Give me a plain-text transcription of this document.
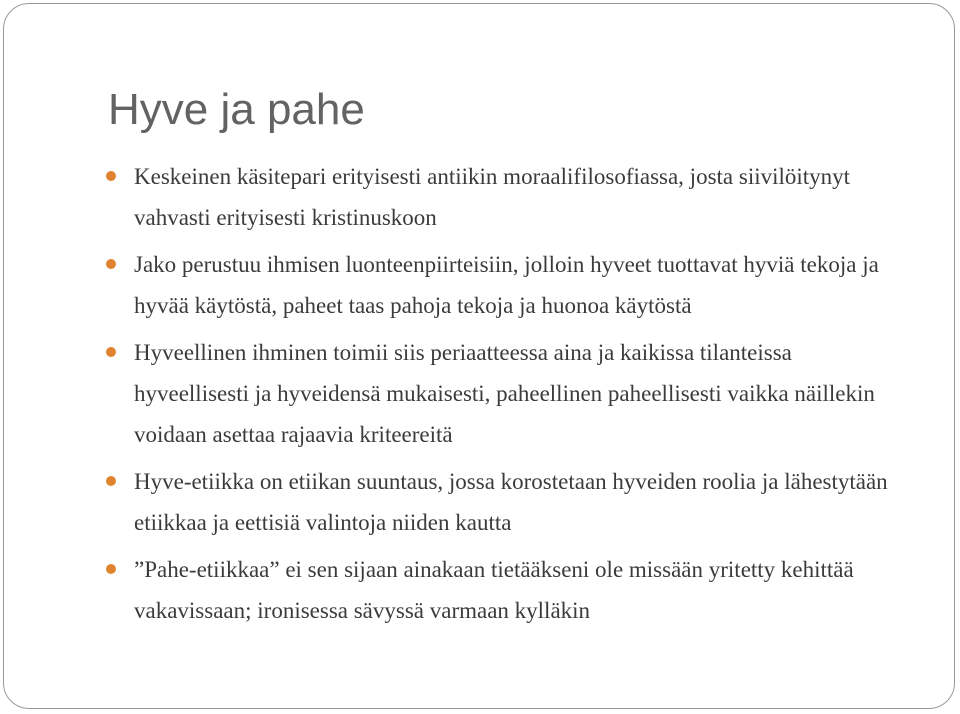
Hyve ja pahe
Keskeinen käsitepari erityisesti antiikin moraalifilosofiassa, josta siivilöitynyt vahvasti erityisesti kristinuskoon
Jako perustuu ihmisen luonteenpiirteisiin, jolloin hyveet tuottavat hyviä tekoja ja hyvää käytöstä, paheet taas pahoja tekoja ja huonoa käytöstä
Hyveellinen ihminen toimii siis periaatteessa aina ja kaikissa tilanteissa hyveellisesti ja hyveidensä mukaisesti, paheellinen paheellisesti vaikka näillekin voidaan asettaa rajaavia kriteereitä
Hyve-etiikka on etiikan suuntaus, jossa korostetaan hyveiden roolia ja lähestytään etiikkaa ja eettisiä valintoja niiden kautta
”Pahe-etiikkaa” ei sen sijaan ainakaan tietääkseni ole missään yritetty kehittää vakavissaan; ironisessa sävyssä varmaan kylläkin
